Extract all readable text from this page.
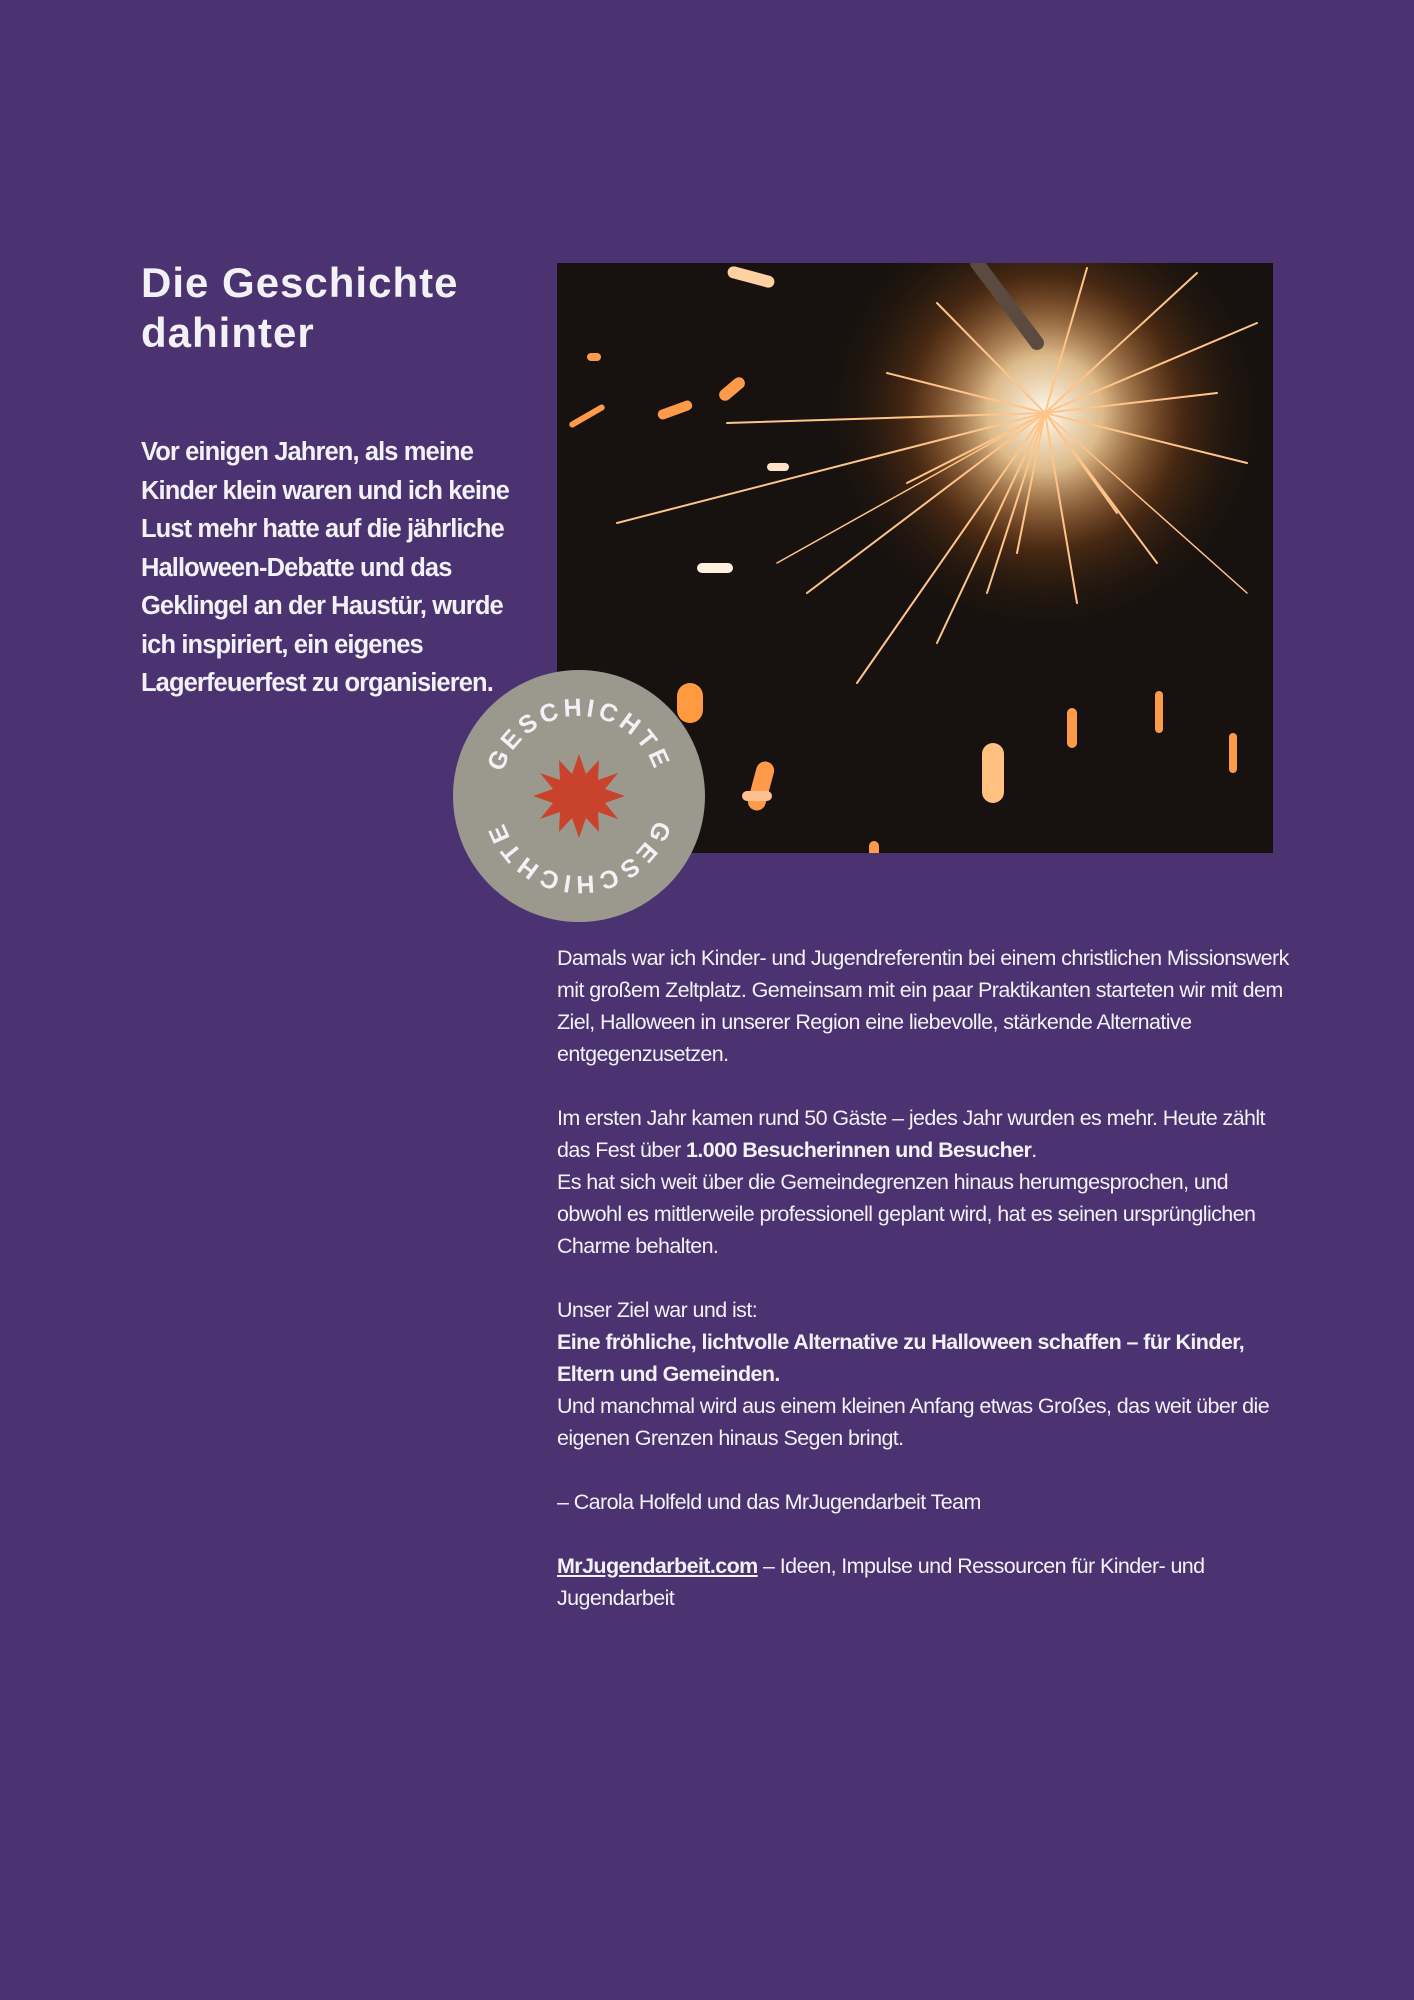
Die Geschichte dahinter

Vor einigen Jahren, als meine Kinder klein waren und ich keine Lust mehr hatte auf die jährliche Halloween-Debatte und das Geklingel an der Haustür, wurde ich inspiriert, ein eigenes Lagerfeuerfest zu organisieren.

GESCHICHTE
GESCHICHTE

Damals war ich Kinder- und Jugendreferentin bei einem christlichen Missionswerk mit großem Zeltplatz. Gemeinsam mit ein paar Praktikanten starteten wir mit dem Ziel, Halloween in unserer Region eine liebevolle, stärkende Alternative entgegenzusetzen.

Im ersten Jahr kamen rund 50 Gäste – jedes Jahr wurden es mehr. Heute zählt das Fest über 1.000 Besucherinnen und Besucher.
Es hat sich weit über die Gemeindegrenzen hinaus herumgesprochen, und obwohl es mittlerweile professionell geplant wird, hat es seinen ursprünglichen Charme behalten.

Unser Ziel war und ist:
Eine fröhliche, lichtvolle Alternative zu Halloween schaffen – für Kinder, Eltern und Gemeinden.
Und manchmal wird aus einem kleinen Anfang etwas Großes, das weit über die eigenen Grenzen hinaus Segen bringt.

– Carola Holfeld und das MrJugendarbeit Team

MrJugendarbeit.com – Ideen, Impulse und Ressourcen für Kinder- und Jugendarbeit
